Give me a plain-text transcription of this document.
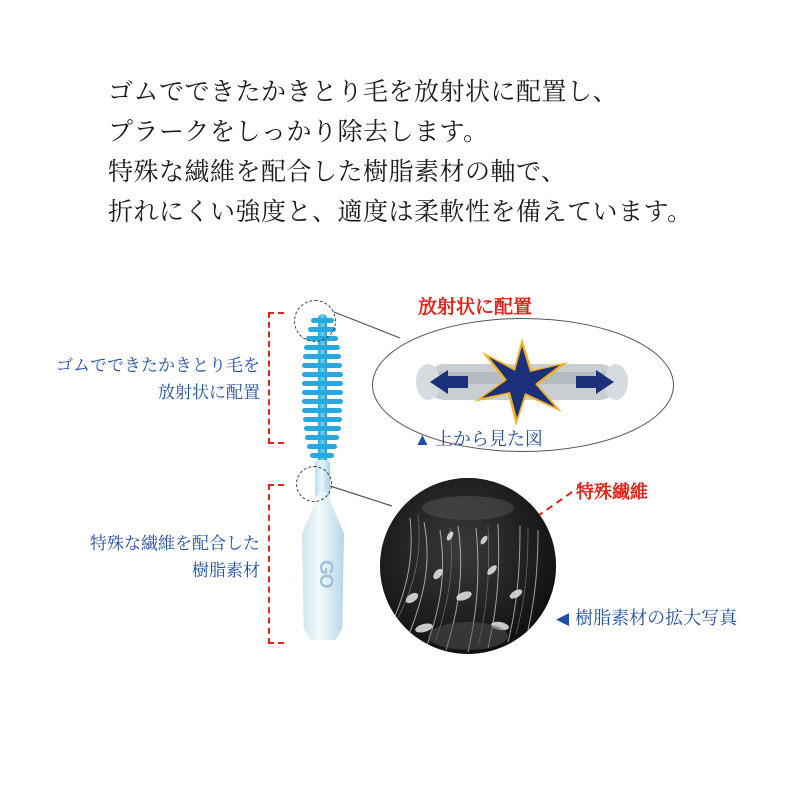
ゴムでできたかきとり毛を放射状に配置し、
プラークをしっかり除去します。
特殊な繊維を配合した樹脂素材の軸で、
折れにくい強度と、適度は柔軟性を備えています。
ゴムでできたかきとり毛を
放射状に配置
特殊な繊維を配合した
樹脂素材	GO
放射状に配置
▲ 上から見た図
特殊繊維
◀ 樹脂素材の拡大写真
